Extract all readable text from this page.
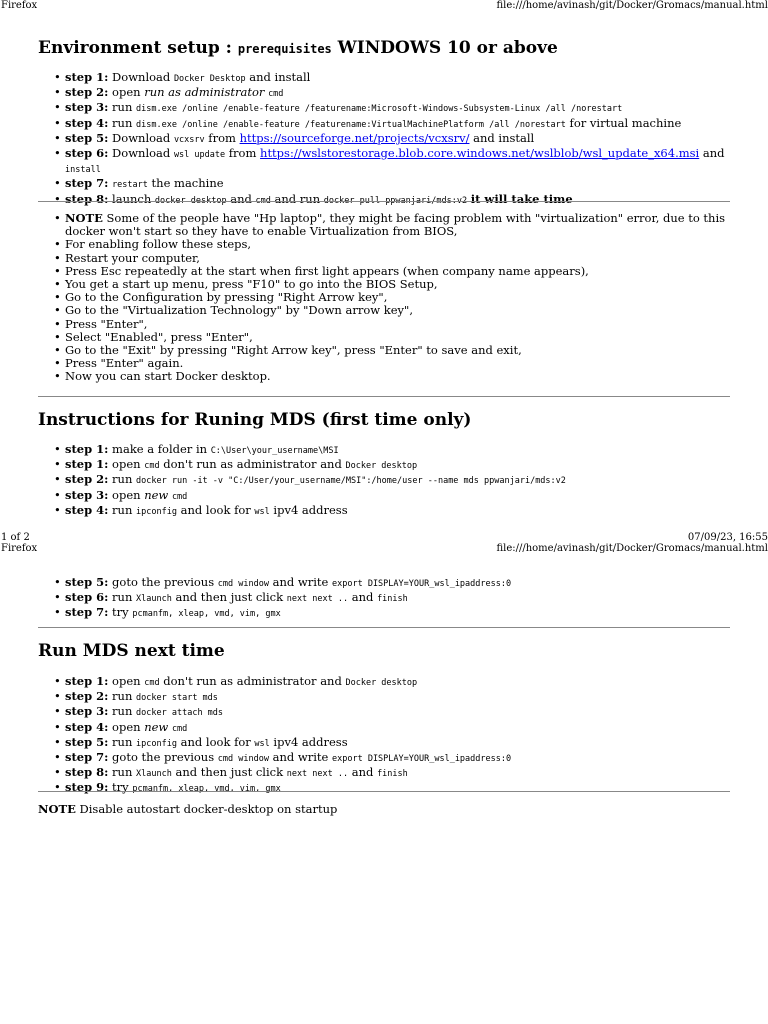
Firefox	file:///home/avinash/git/Docker/Gromacs/manual.html
Environment setup : prerequisites WINDOWS 10 or above
• step 1: Download Docker Desktop and install
• step 2: open run as administrator cmd
• step 3: run dism.exe /online /enable-feature /featurename:Microsoft-Windows-Subsystem-Linux /all /norestart
• step 4: run dism.exe /online /enable-feature /featurename:VirtualMachinePlatform /all /norestart for virtual machine
• step 5: Download vcxsrv from https://sourceforge.net/projects/vcxsrv/ and install
• step 6: Download wsl update from https://wslstorestorage.blob.core.windows.net/wslblob/wsl_update_x64.msi and
install
• step 7: restart the machine
• step 8: launch docker desktop and cmd and run docker pull ppwanjari/mds:v2 it will take time
• NOTE Some of the people have "Hp laptop", they might be facing problem with "virtualization" error, due to this
docker won't start so they have to enable Virtualization from BIOS,
• For enabling follow these steps,
• Restart your computer,
• Press Esc repeatedly at the start when first light appears (when company name appears),
• You get a start up menu, press "F10" to go into the BIOS Setup,
• Go to the Configuration by pressing "Right Arrow key",
• Go to the "Virtualization Technology" by "Down arrow key",
• Press "Enter",
• Select "Enabled", press "Enter",
• Go to the "Exit" by pressing "Right Arrow key", press "Enter" to save and exit,
• Press "Enter" again.
• Now you can start Docker desktop.
Instructions for Runing MDS (first time only)
• step 1: make a folder in C:\User\your_username\MSI
• step 1: open cmd don't run as administrator and Docker desktop
• step 2: run docker run -it -v "C:/User/your_username/MSI":/home/user --name mds ppwanjari/mds:v2
• step 3: open new cmd
• step 4: run ipconfig and look for wsl ipv4 address
1 of 2	07/09/23, 16:55
Firefox	file:///home/avinash/git/Docker/Gromacs/manual.html
• step 5: goto the previous cmd window and write export DISPLAY=YOUR_wsl_ipaddress:0
• step 6: run Xlaunch and then just click next next .. and finish
• step 7: try pcmanfm, xleap, vmd, vim, gmx
Run MDS next time
• step 1: open cmd don't run as administrator and Docker desktop
• step 2: run docker start mds
• step 3: run docker attach mds
• step 4: open new cmd
• step 5: run ipconfig and look for wsl ipv4 address
• step 7: goto the previous cmd window and write export DISPLAY=YOUR_wsl_ipaddress:0
• step 8: run Xlaunch and then just click next next .. and finish
• step 9: try pcmanfm, xleap, vmd, vim, gmx

NOTE Disable autostart docker-desktop on startup
